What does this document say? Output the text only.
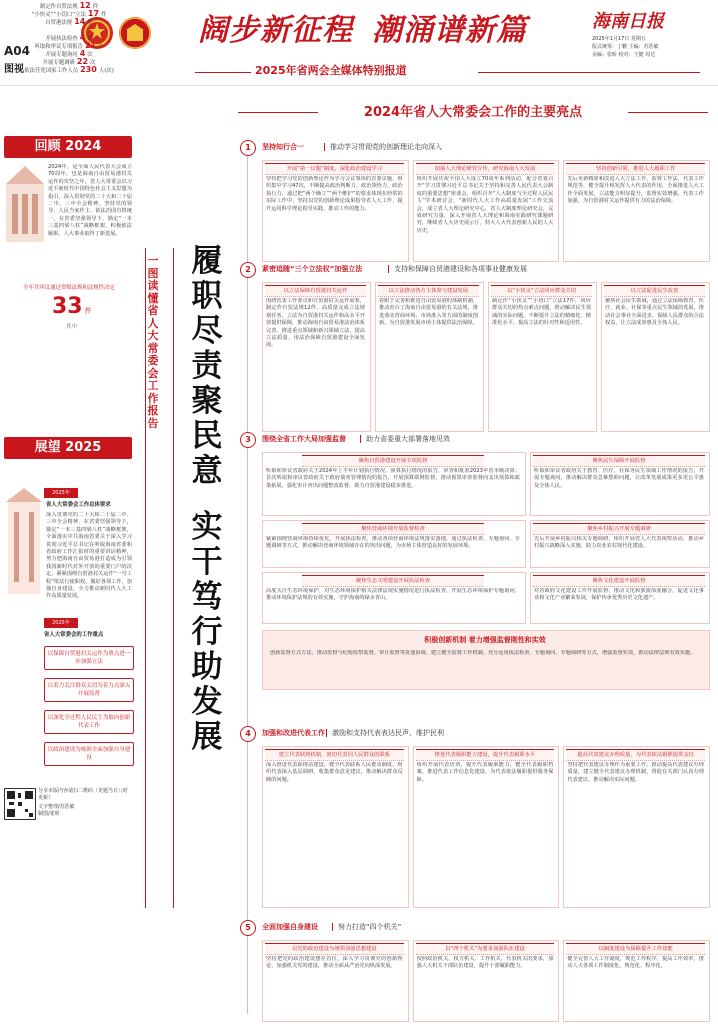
A04
图视
阔步新征程 潮涌谱新篇
2025年省两会全媒体特别报道
海南日报
2025年1月17日 星期五
版式统筹：丁鹏 主编：苏浩敏
美编：张昕 校对：王健 周达
回顾 2024
2024年，是全面人民代表大会成立70周年，也是海南自由贸易港封关运作的攻坚之年。省人大常委会以习近平新时代中国特色社会主义思想为指引，深入贯彻党的二十大和二十届二中、三中全会精神，坚持党的领导、人民当家作主、依法治国有机统一，在省委坚强领导下，锚定“一本三基四梁八柱”战略框架，积极依法履职，人大事业取得了新进展。
全年共审议通过省级法规和法规性决定
33 件
其中
制定作自贸法规 12 件
“小快灵”“小切口”立法 17 件
自贸港法规 14 件
开展执法检查 4 次
听取和审议专项报告 21 个
开展专题询问 4 次
开展专题调研 22 次
依法任免国家工作人员 230 人(次)
展望 2025
2025年
省人大常委会工作总体要求
深入贯彻党的二十大和二十届二中、三中全会精神，在省委坚强领导下，锚定“一本三基四梁八柱”战略框架，全面落实中共海南省委关于深入学习贯彻习近平总书记在听取海南省委和省政府工作汇报时的重要讲话精神，努力把海南自由贸易港打造成为引领我国新时代对外开放的重要门户的决定，紧紧围绕自贸港封关运作“一号工程”依法行使职权，做好各项工作，加强自身建设，全力推动新时代人大工作高质量发展。
2025年
省人大常委会的工作重点
以保障自贸港封关运作为重点进一步加强立法
以着力关注群众关切为着力点深入开展监督
以深化全过程人民民主为取向创新代表工作
以政治建设为统领全面加强自身建设
分享本版内容请扫二维码（见题当日八时更新）
文字整理/苏浩敏
制图/张昕
一图读懂省人大常委会工作报告
履职尽责聚民意
实干笃行助发展
2024年省人大常委会工作的主要亮点
1	坚持知行合一	推动学习贯彻党的创新理论走向深入
开展“第一议题”制度，深化政治建设学习
坚持把学习党的创新理论作为学习会议事项的首要议题，组织集中学习47次，不断提高政治判断力、政治领悟力、政治执行力，通过把“两个确立”“两个维护”的要求体现在经常的实际工作中，坚持以党的创新理论成果指导省人大工作，提升运用科学理论指导实践、推动工作的能力。
加强人大理论研究宣传，研究海南人大发展
组织开展庆祝全国人大成立70周年系列活动，配合省委召开“学习贯彻习近平总书记关于坚持和完善人民代表大会制度的重要思想”座谈会，组织召开“人大制度与全过程人民民主”学术研讨会，“新时代人大工作高质量发展”工作交流会，成立省人大理论研究中心，省人大制度理论研究会，完成研究力量，深入开展省人大理论和海南实践研究课题研究，继续省人大历史展示厅，特大人大代表创新人民的人大历史。
坚持创新引领，推进人大履职工作
先后更新精简和改进人大立法工作，监督工作法，代表工作规范等，健全提升和发挥人大代表的作用，全面推进人大工作全面发展，立法能力明显提升，监督实效增强，代表工作加强，为自贸港封关运作提供有力的法治保障。
2	紧密追随“三个立法权”加强立法	支持和保障自贸港建设和各项事业健康发展
以立法保障自贸港封关运作
围绕省委工作要点和自贸港封关运作需要，制定作自贸法规12件，高质量完成立法规划任务，立法为自贸港封关运作和高水平开放提供保障，推动海南自由贸易港法治体系完善，推进重点领域和新兴领域立法，提高立法质量，用法治保障自贸港建设全面发展。
以立法推动各方主体参与建设发展
着眼于完善和推进自由贸易港的体制机制，推动出台了海南自由贸易港的有关法规，推进落实营商环境、市场准入等方面的制度创新，为自贸港发展市场主体提供法治保障。
以“小快灵”立法回应群众关切
制定作“小快灵”“小切口”立法17件，回应群众关切的热点难点问题，推动解决民生领域的实际问题，不断提升立法的精细化、精准化水平，提高立法的针对性和适用性。
以立法促进民生改善
聚焦社会民生领域，通过立法保障教育、医疗、就业、社保等重点民生领域的发展，推动社会事业全面进步，保障人民群众的合法权益，让立法成果惠及全体人民。
3	围绕全省工作大局加强监督	助力省委重大部署落地见效
聚焦自贸港建设开展专项监督
听取和审议省政府关于2024年上半年计划执行情况、预算执行情况的报告，审查和批准2023年省本级决算；首次听取和审议省政府关于政府债务管理情况的报告，开展预算联网监督，推动预算审查监督向支出预算和政策拓展，强化审计查出问题整改监督，助力自贸港建设稳步推进。
聚焦营商环境开展监督检查
紧紧围绕营商环境持续优化，开展执法检查，推动各项营商环境法规落实落地，通过执法检查、专题询问、专题调研等方式，推动解决营商环境领域存在的突出问题，为市场主体营造良好的发展环境。
聚焦生态文明建设开展执法检查
高度关注生态环境保护，对生态环境保护相关法律法规实施情况进行执法检查，开展生态环境保护专题询问，推动环境保护法规的有效实施，守护海南的绿水青山。
聚焦民生保障开展监督
听取和审议省政府关于教育、医疗、社保等民生领域工作情况的报告，开展专题询问，推动解决群众急难愁盼问题，让改革发展成果更多更公平惠及全体人民。
聚焦乡村振兴开展专题调研
先后开展乡村振兴相关专题调研，组织开展省人大代表视察活动，推动乡村振兴战略深入实施，助力农业农村现代化建设。
聚焦文化建设开展监督
对省政府文化建设工作开展监督，推动文化和旅游深度融合，促进文化事业和文化产业繁荣发展，保护传承优秀历史文化遗产。
积极创新机制 着力增强监督刚性和实效
创新监督方式方法，推动监督与纪检监察监督、审计监督等贯通协调，建立健全监督工作机制，充分运用执法检查、专题询问、专题调研等方式，增强监督实效，推动法律法规有效实施。
4	加强和改进代表工作 激励和支持代表表达民声、维护民利
建立代表联络机制，密切代表同人民群众的联系
深入推进代表联络站建设，健全代表联系人民群众制度，组织代表深入基层调研，收集群众意见建议，推动解决群众反映的问题。
推进代表履职能力建设，提升代表履职水平
组织开展代表培训，提升代表履职能力，健全代表履职档案，推进代表工作信息化建设，为代表依法履职提供服务保障。
提高代表建议办理质量，为代表依法履职提供支持
坚持把代表建议办理作为重要工作，推动提高代表建议办理质量，建立健全代表建议办理机制，督促有关部门认真办理代表建议，推动解决实际问题。
5	全面加强自身建设	努力打造“四个机关”
以党的政治建设为统领加强思想建设
坚持把党的政治建设摆在首位，深入学习贯彻党的创新理论，加强机关党的建设，推动全面从严治党向纵深发展。
以“四个机关”为要求加强队伍建设
按照政治机关、权力机关、工作机关、代表机关的要求，加强人大机关干部队伍建设，提升干部履职能力。
以制度建设为保障提升工作效能
健全完善人大工作制度，规范工作程序，提高工作效率，推动人大各项工作制度化、规范化、程序化。
